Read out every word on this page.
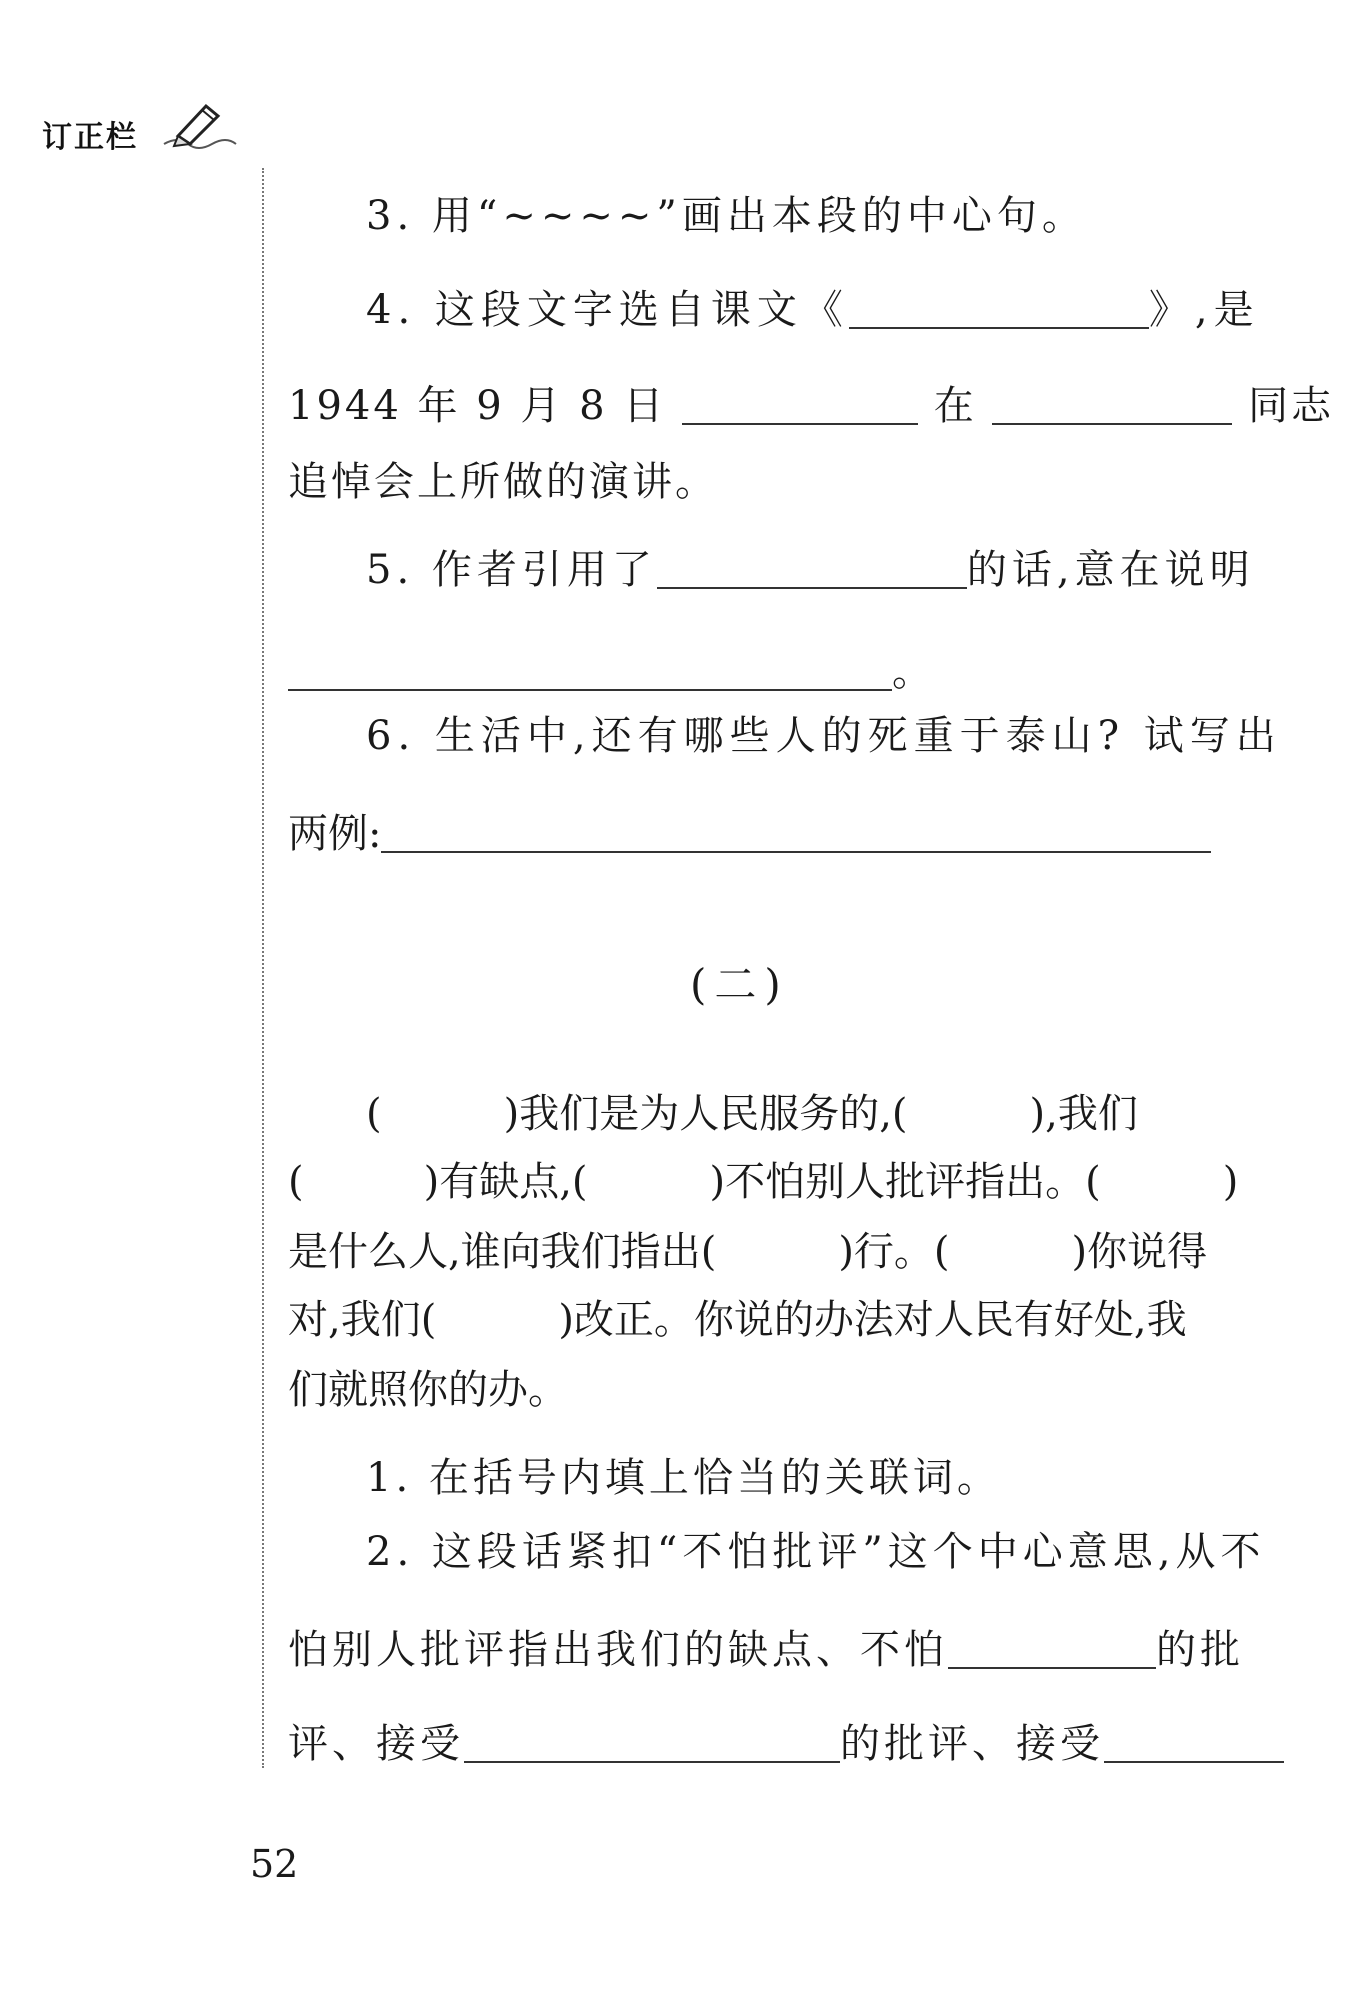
订正栏
3. 用“~~~~”画出本段的中心句。
4. 这段文字选自课文《	》,是
1944 年 9 月 8 日	在	同志
追悼会上所做的演讲。
5. 作者引用了	的话,意在说明
。
6. 生活中,还有哪些人的死重于泰山? 试写出
两例:
(二)
(	)我们是为人民服务的,(	),我们
(	)有缺点,(	)不怕别人批评指出。(	)
是什么人,谁向我们指出(	)行。(	)你说得
对,我们(	)改正。你说的办法对人民有好处,我
们就照你的办。
1. 在括号内填上恰当的关联词。
2. 这段话紧扣“不怕批评”这个中心意思,从不
怕别人批评指出我们的缺点、不怕	的批
评、接受	的批评、接受
52
